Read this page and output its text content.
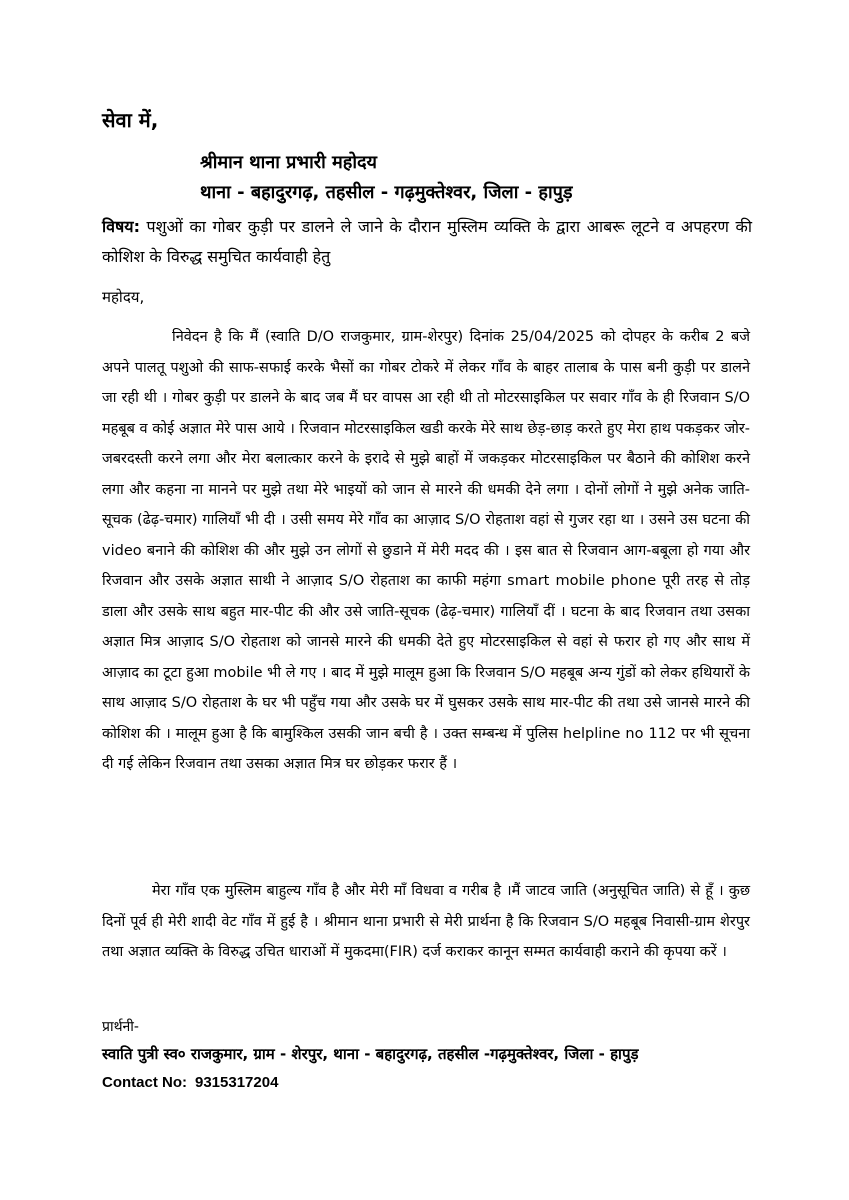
सेवा में,

श्रीमान थाना प्रभारी महोदय

थाना - बहादुरगढ़, तहसील - गढ़मुक्तेश्वर, जिला - हापुड़

विषय: पशुओं का गोबर कुड़ी पर डालने ले जाने के दौरान मुस्लिम व्यक्ति के द्वारा आबरू लूटने व अपहरण की कोशिश के विरुद्ध समुचित कार्यवाही हेतु

महोदय,

निवेदन है कि मैं (स्वाति D/O राजकुमार, ग्राम-शेरपुर) दिनांक 25/04/2025 को दोपहर के करीब 2 बजे अपने पालतू पशुओ की साफ-सफाई करके भैसों का गोबर टोकरे में लेकर गाँव के बाहर तालाब के पास बनी कुड़ी पर डालने जा रही थी । गोबर कुड़ी पर डालने के बाद जब मैं घर वापस आ रही थी तो मोटरसाइकिल पर सवार गाँव के ही रिजवान S/O महबूब व कोई अज्ञात मेरे पास आये । रिजवान मोटरसाइकिल खडी करके मेरे साथ छेड़-छाड़ करते हुए मेरा हाथ पकड़कर जोर-जबरदस्ती करने लगा और मेरा बलात्कार करने के इरादे से मुझे बाहों में जकड़कर मोटरसाइकिल पर बैठाने की कोशिश करने लगा और कहना ना मानने पर मुझे तथा मेरे भाइयों को जान से मारने की धमकी देने लगा । दोनों लोगों ने मुझे अनेक जाति-सूचक (ढेढ़-चमार) गालियाँ भी दी । उसी समय मेरे गाँव का आज़ाद S/O रोहताश वहां से गुजर रहा था । उसने उस घटना की video बनाने की कोशिश की और मुझे उन लोगों से छुडाने में मेरी मदद की । इस बात से रिजवान आग-बबूला हो गया और रिजवान और उसके अज्ञात साथी ने आज़ाद S/O रोहताश का काफी महंगा smart mobile phone पूरी तरह से तोड़ डाला और उसके साथ बहुत मार-पीट की और उसे जाति-सूचक (ढेढ़-चमार) गालियाँ दीं । घटना के बाद रिजवान तथा उसका अज्ञात मित्र आज़ाद S/O रोहताश को जानसे मारने की धमकी देते हुए मोटरसाइकिल से वहां से फरार हो गए और साथ में आज़ाद का टूटा हुआ mobile भी ले गए । बाद में मुझे मालूम हुआ कि रिजवान S/O महबूब अन्य गुंडों को लेकर हथियारों के साथ आज़ाद S/O रोहताश के घर भी पहुँच गया और उसके घर में घुसकर उसके साथ मार-पीट की तथा उसे जानसे मारने की कोशिश की । मालूम हुआ है कि बामुश्किल उसकी जान बची है । उक्त सम्बन्ध में पुलिस helpline no 112 पर भी सूचना दी गई लेकिन रिजवान तथा उसका अज्ञात मित्र घर छोड़कर फरार हैं ।

मेरा गाँव एक मुस्लिम बाहुल्य गाँव है और मेरी माँ विधवा व गरीब है ।मैं जाटव जाति (अनुसूचित जाति) से हूँ । कुछ दिनों पूर्व ही मेरी शादी वेट गाँव में हुई है । श्रीमान थाना प्रभारी से मेरी प्रार्थना है कि रिजवान S/O महबूब निवासी-ग्राम शेरपुर तथा अज्ञात व्यक्ति के विरुद्ध उचित धाराओं में मुकदमा(FIR) दर्ज कराकर कानून सम्मत कार्यवाही कराने की कृपया करें ।

प्रार्थनी-

स्वाति पुत्री स्व० राजकुमार, ग्राम - शेरपुर, थाना - बहादुरगढ़, तहसील -गढ़मुक्तेश्वर, जिला - हापुड़

Contact No: 9315317204
